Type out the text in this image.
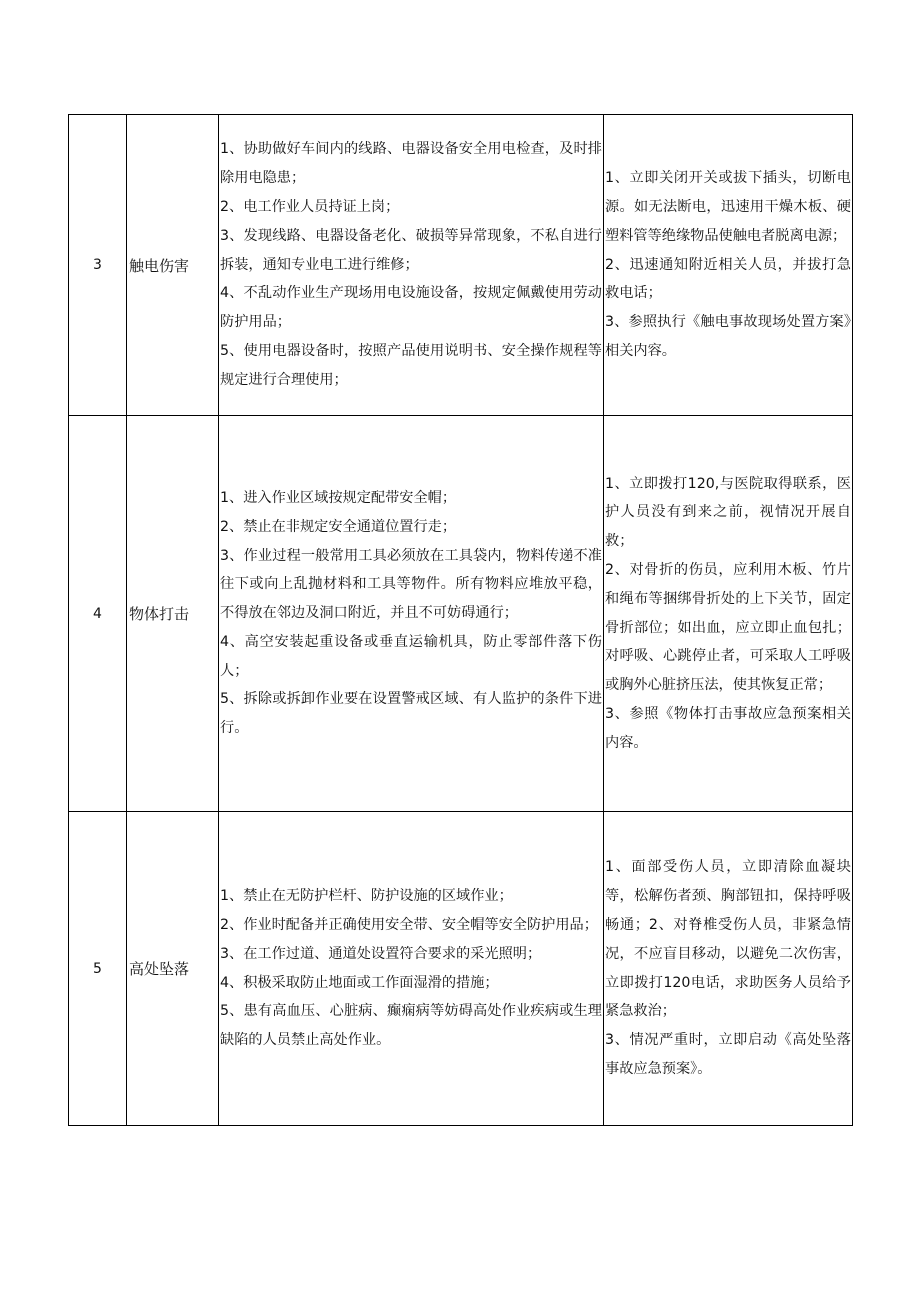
3	触电伤害	1、协助做好车间内的线路、电器设备安全用电检查，及时排除用电隐患；
2、电工作业人员持证上岗；
3、发现线路、电器设备老化、破损等异常现象，不私自进行拆装，通知专业电工进行维修；
4、不乱动作业生产现场用电设施设备，按规定佩戴使用劳动防护用品；
5、使用电器设备时，按照产品使用说明书、安全操作规程等规定进行合理使用；	1、立即关闭开关或拔下插头，切断电源。如无法断电，迅速用干燥木板、硬塑料管等绝缘物品使触电者脱离电源；
2、迅速通知附近相关人员，并拔打急救电话；
3、参照执行《触电事故现场处置方案》相关内容。

4	物体打击	1、进入作业区域按规定配带安全帽；
2、禁止在非规定安全通道位置行走；
3、作业过程一般常用工具必须放在工具袋内，物料传递不准往下或向上乱抛材料和工具等物件。所有物料应堆放平稳，不得放在邻边及洞口附近，并且不可妨碍通行；
4、高空安装起重设备或垂直运输机具，防止零部件落下伤人；
5、拆除或拆卸作业要在设置警戒区域、有人监护的条件下进行。	1、立即拨打120,与医院取得联系，医护人员没有到来之前，视情况开展自救；
2、对骨折的伤员，应利用木板、竹片和绳布等捆绑骨折处的上下关节，固定骨折部位；如出血，应立即止血包扎；对呼吸、心跳停止者，可采取人工呼吸或胸外心脏挤压法，使其恢复正常；
3、参照《物体打击事故应急预案相关内容。

5	高处坠落	1、禁止在无防护栏杆、防护设施的区域作业；
2、作业时配备并正确使用安全带、安全帽等安全防护用品；
3、在工作过道、通道处设置符合要求的采光照明；
4、积极采取防止地面或工作面湿滑的措施；
5、患有高血压、心脏病、癫痫病等妨碍高处作业疾病或生理缺陷的人员禁止高处作业。	1、面部受伤人员，立即清除血凝块等，松解伤者颈、胸部钮扣，保持呼吸畅通；2、对脊椎受伤人员，非紧急情况，不应盲目移动，以避免二次伤害，立即拨打120电话，求助医务人员给予紧急救治；
3、情况严重时，立即启动《高处坠落事故应急预案》。
